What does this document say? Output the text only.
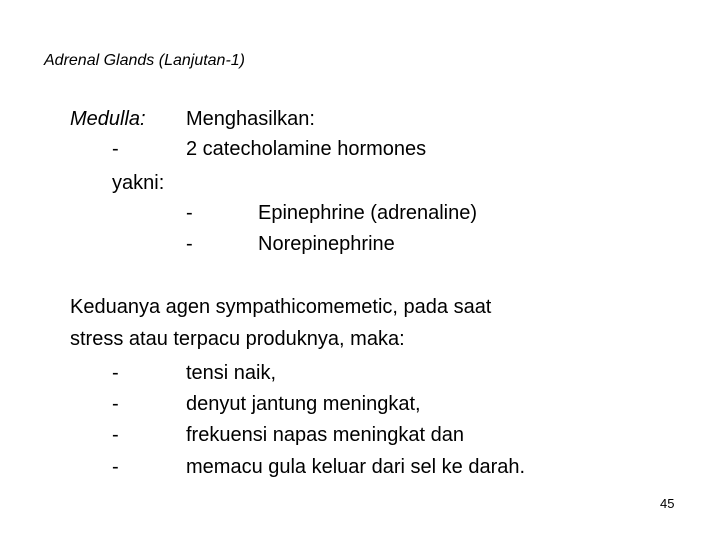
Adrenal Glands (Lanjutan-1)
Medulla: Menghasilkan:
-	2 catecholamine hormones
yakni:
-	Epinephrine (adrenaline)
-	Norepinephrine
Keduanya agen sympathicomemetic, pada saat
stress atau terpacu produknya, maka:
-	tensi naik,
-	denyut jantung meningkat,
-	frekuensi napas meningkat dan
-	memacu gula keluar dari sel ke darah.
45
